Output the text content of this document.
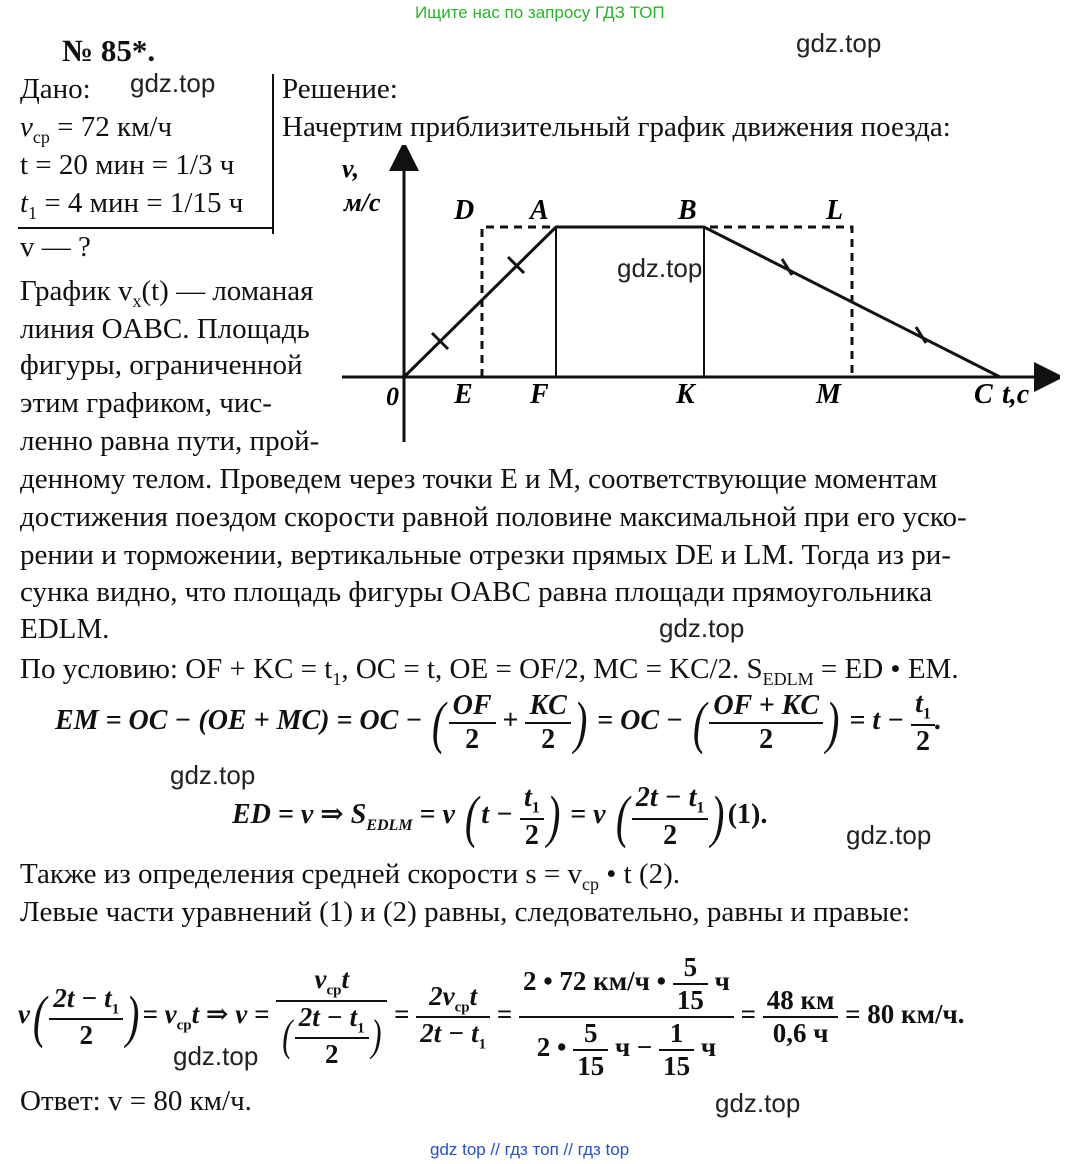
Ищите нас по запросу ГДЗ ТОП
gdz.top
gdz.top
gdz.top
gdz.top
gdz.top
gdz.top
gdz.top
gdz.top
№ 85*.
Дано:
$v_{ср} = 72$ км/ч
t = 20 мин = 1/3 ч
$t_1 = 4$ мин = 1/15 ч
v — ?
Решение:
Начертим приблизительный график движения поезда:
График $v_x(t)$ — ломаная
линия OABC. Площадь
фигуры, ограниченной
этим графиком, чис-
ленно равна пути, прой-
v,
м/с	D A	B	L
0 E F	K	M	C t,c
денному телом. Проведем через точки E и M, соответствующие моментам
достижения поездом скорости равной половине максимальной при его уско-
рении и торможении, вертикальные отрезки прямых DE и LM. Тогда из ри-
сунка видно, что площадь фигуры OABC равна площади прямоугольника
EDLM.
По условию: OF + KC = $t_1$, OC = t, OE = OF/2, MC = KC/2. $S_{EDLM}$ = ED • EM.
EM = OC − (OE + MC) = OC − ( $\frac{OF}{2} + \frac{KC}{2}$ ) = OC − ( $\frac{OF + KC}{2}$ ) = $t - \frac{t_1}{2}$ .
ED = v ⇒ $S_{EDLM} = v$ ( $t - \frac{t_1}{2}$ ) = v ( $\frac{2t - t_1}{2}$ ) (1).
Также из определения средней скорости $s = v_{ср}$ • t (2).
Левые части уравнений (1) и (2) равны, следовательно, равны и правые:
$v( \frac{2t - t_1}{2}$ ) = $v_{ср}t$ ⇒ $v = \frac{v_{ср}t}{( \frac{2t - t_1}{2} )} = \frac{2v_{ср}t}{2t - t_1} = \frac{2 • 72 км/ч • \frac{5}{15} ч}{2 • \frac{5}{15} ч - \frac{1}{15} ч} = \frac{48 км}{0,6 ч} = 80$ км/ч.
Ответ: v = 80 км/ч.
gdz top // гдз топ // гдз top
